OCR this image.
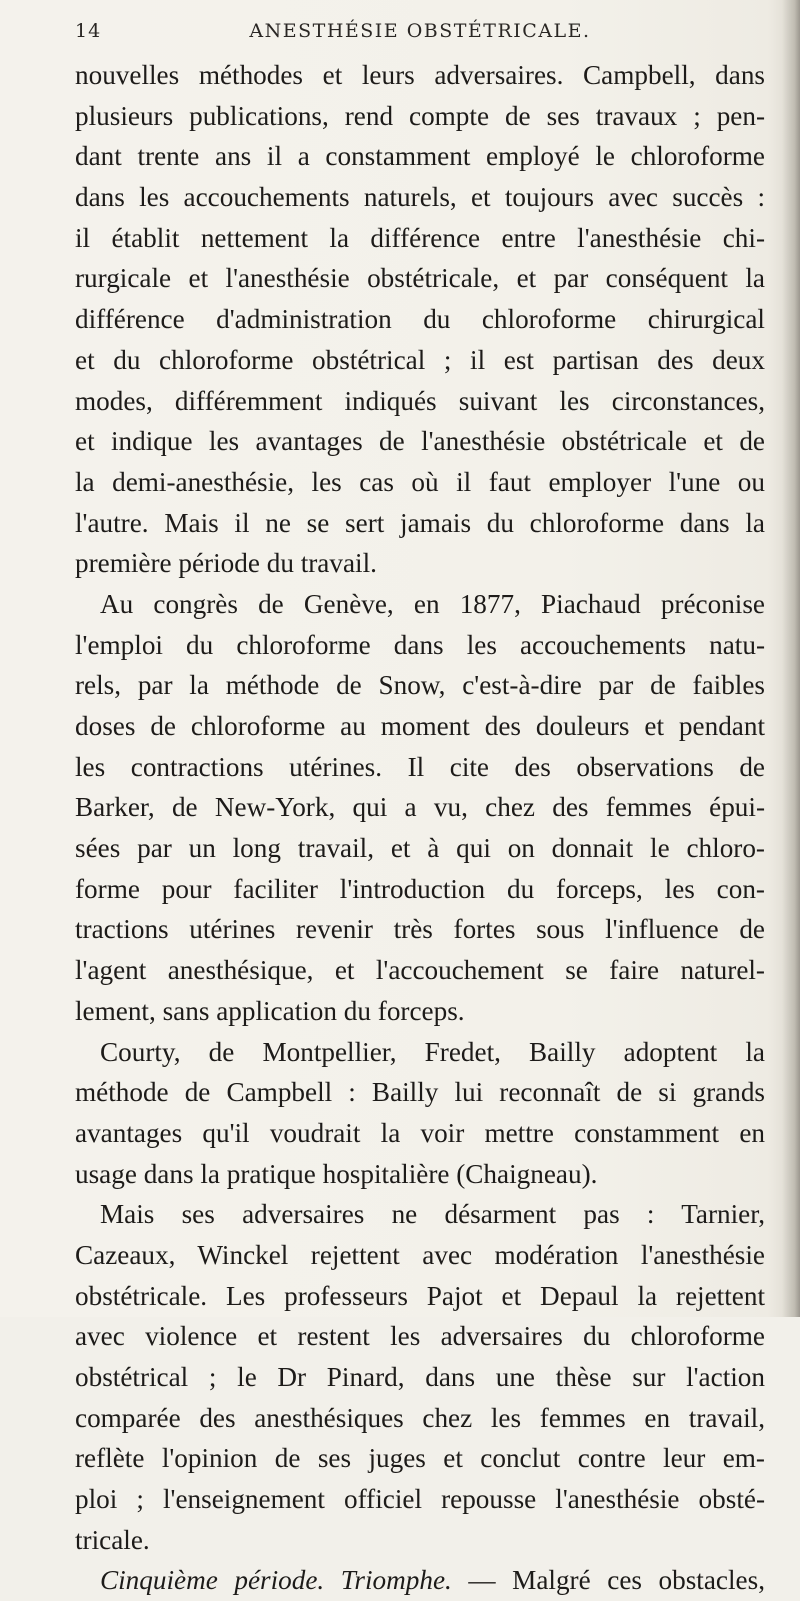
14	ANESTHÉSIE OBSTÉTRICALE.
nouvelles méthodes et leurs adversaires. Campbell, dans
plusieurs publications, rend compte de ses travaux ; pen-
dant trente ans il a constamment employé le chloroforme
dans les accouchements naturels, et toujours avec succès :
il établit nettement la différence entre l'anesthésie chi-
rurgicale et l'anesthésie obstétricale, et par conséquent la
différence d'administration du chloroforme chirurgical
et du chloroforme obstétrical ; il est partisan des deux
modes, différemment indiqués suivant les circonstances,
et indique les avantages de l'anesthésie obstétricale et de
la demi-anesthésie, les cas où il faut employer l'une ou
l'autre. Mais il ne se sert jamais du chloroforme dans la
première période du travail.
Au congrès de Genève, en 1877, Piachaud préconise
l'emploi du chloroforme dans les accouchements natu-
rels, par la méthode de Snow, c'est-à-dire par de faibles
doses de chloroforme au moment des douleurs et pendant
les contractions utérines. Il cite des observations de
Barker, de New-York, qui a vu, chez des femmes épui-
sées par un long travail, et à qui on donnait le chloro-
forme pour faciliter l'introduction du forceps, les con-
tractions utérines revenir très fortes sous l'influence de
l'agent anesthésique, et l'accouchement se faire naturel-
lement, sans application du forceps.
Courty, de Montpellier, Fredet, Bailly adoptent la
méthode de Campbell : Bailly lui reconnaît de si grands
avantages qu'il voudrait la voir mettre constamment en
usage dans la pratique hospitalière (Chaigneau).
Mais ses adversaires ne désarment pas : Tarnier,
Cazeaux, Winckel rejettent avec modération l'anesthésie
obstétricale. Les professeurs Pajot et Depaul la rejettent
avec violence et restent les adversaires du chloroforme
obstétrical ; le Dr Pinard, dans une thèse sur l'action
comparée des anesthésiques chez les femmes en travail,
reflète l'opinion de ses juges et conclut contre leur em-
ploi ; l'enseignement officiel repousse l'anesthésie obsté-
tricale.
Cinquième période. Triomphe. — Malgré ces obstacles,
